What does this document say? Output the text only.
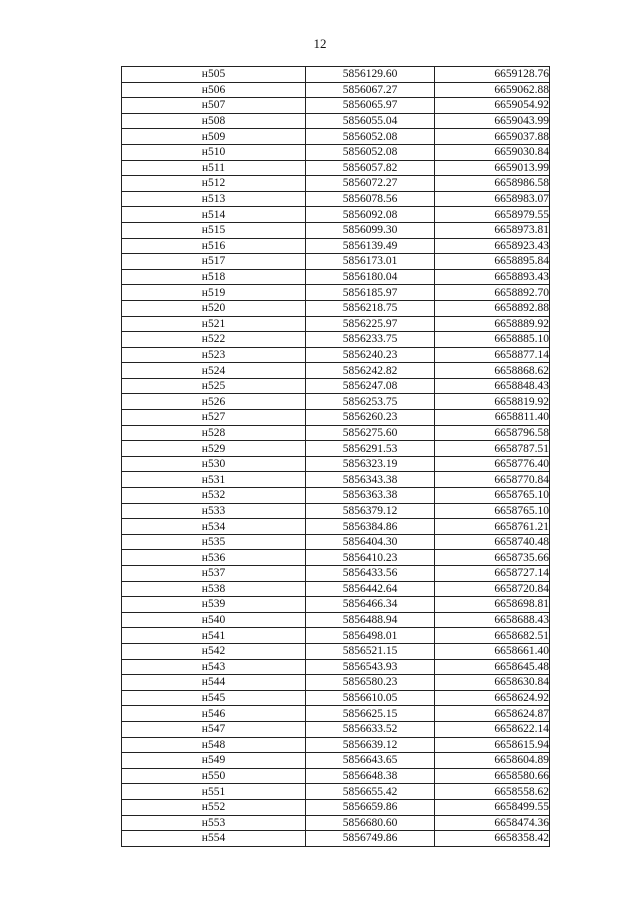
12
н505	5856129.60	6659128.76
н506	5856067.27	6659062.88
н507	5856065.97	6659054.92
н508	5856055.04	6659043.99
н509	5856052.08	6659037.88
н510	5856052.08	6659030.84
н511	5856057.82	6659013.99
н512	5856072.27	6658986.58
н513	5856078.56	6658983.07
н514	5856092.08	6658979.55
н515	5856099.30	6658973.81
н516	5856139.49	6658923.43
н517	5856173.01	6658895.84
н518	5856180.04	6658893.43
н519	5856185.97	6658892.70
н520	5856218.75	6658892.88
н521	5856225.97	6658889.92
н522	5856233.75	6658885.10
н523	5856240.23	6658877.14
н524	5856242.82	6658868.62
н525	5856247.08	6658848.43
н526	5856253.75	6658819.92
н527	5856260.23	6658811.40
н528	5856275.60	6658796.58
н529	5856291.53	6658787.51
н530	5856323.19	6658776.40
н531	5856343.38	6658770.84
н532	5856363.38	6658765.10
н533	5856379.12	6658765.10
н534	5856384.86	6658761.21
н535	5856404.30	6658740.48
н536	5856410.23	6658735.66
н537	5856433.56	6658727.14
н538	5856442.64	6658720.84
н539	5856466.34	6658698.81
н540	5856488.94	6658688.43
н541	5856498.01	6658682.51
н542	5856521.15	6658661.40
н543	5856543.93	6658645.48
н544	5856580.23	6658630.84
н545	5856610.05	6658624.92
н546	5856625.15	6658624.87
н547	5856633.52	6658622.14
н548	5856639.12	6658615.94
н549	5856643.65	6658604.89
н550	5856648.38	6658580.66
н551	5856655.42	6658558.62
н552	5856659.86	6658499.55
н553	5856680.60	6658474.36
н554	5856749.86	6658358.42
